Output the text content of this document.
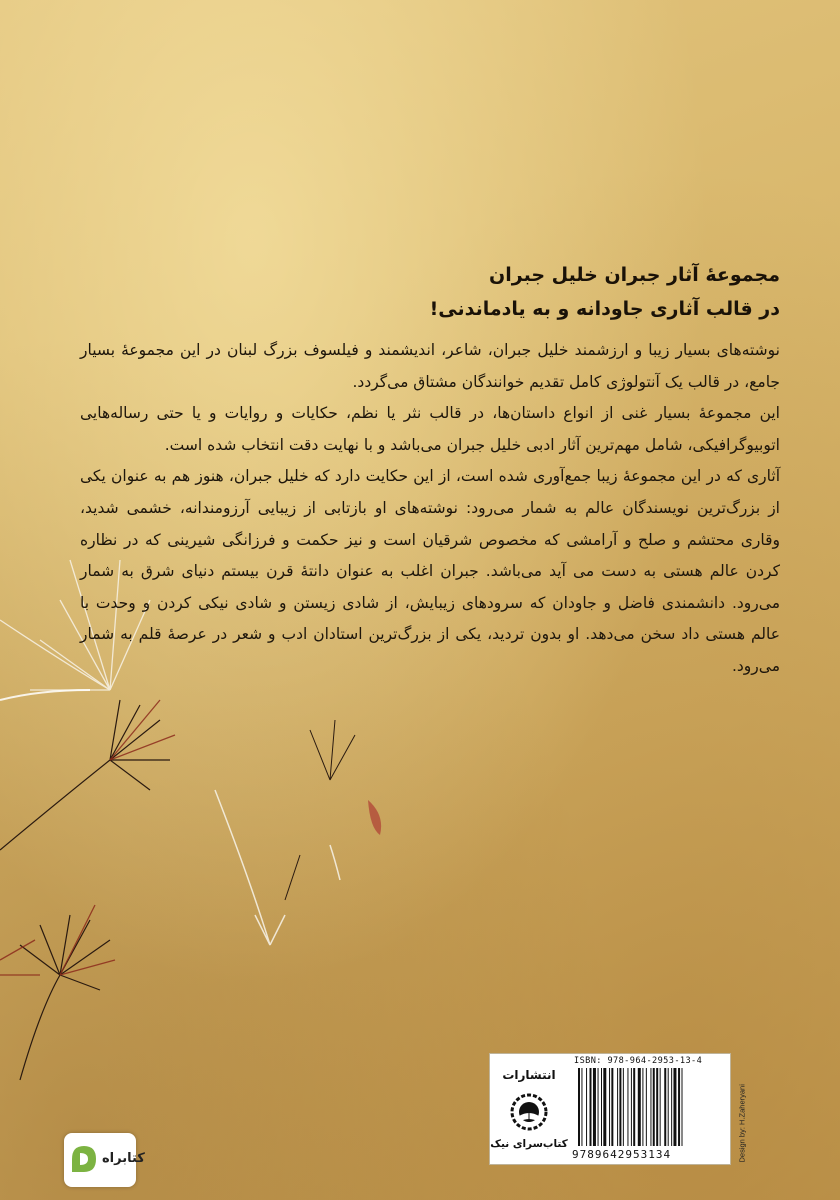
مجموعهٔ آثار جبران خلیل جبران
در قالب آثاری جاودانه و به یادماندنی!

نوشته‌های بسیار زیبا و ارزشمند خلیل جبران، شاعر، اندیشمند و فیلسوف بزرگ لبنان در این مجموعهٔ بسیار جامع، در قالب یک آنتولوژی کامل تقدیم خوانندگان مشتاق می‌گردد.

این مجموعهٔ بسیار غنی از انواع داستان‌ها، در قالب نثر یا نظم، حکایات و روایات و یا حتی رساله‌هایی اتوبیوگرافیکی، شامل مهم‌ترین آثار ادبی خلیل جبران می‌باشد و با نهایت دقت انتخاب شده است.

آثاری که در این مجموعهٔ زیبا جمع‌آوری شده است، از این حکایت دارد که خلیل جبران، هنوز هم به عنوان یکی از بزرگ‌ترین نویسندگان عالم به شمار می‌رود: نوشته‌های او بازتابی از زیبایی آرزومندانه، خشمی شدید، وقاری محتشم و صلح و آرامشی که مخصوص شرقیان است و نیز حکمت و فرزانگی شیرینی که در نظاره کردن عالم هستی به دست می آید می‌باشد. جبران اغلب به عنوان دانتهٔ قرن بیستم دنیای شرق به شمار می‌رود. دانشمندی فاضل و جاودان که سرودهای زیبایش، از شادی زیستن و شادی نیکی کردن و وحدت با عالم هستی داد سخن می‌دهد. او بدون تردید، یکی از بزرگ‌ترین استادان ادب و شعر در عرصهٔ قلم به شمار می‌رود.

انتشارات
کتاب‌سرای نیک
ISBN: 978-964-2953-13-4
9789642953134	Design by: H.Zaheryani
کتابراه
